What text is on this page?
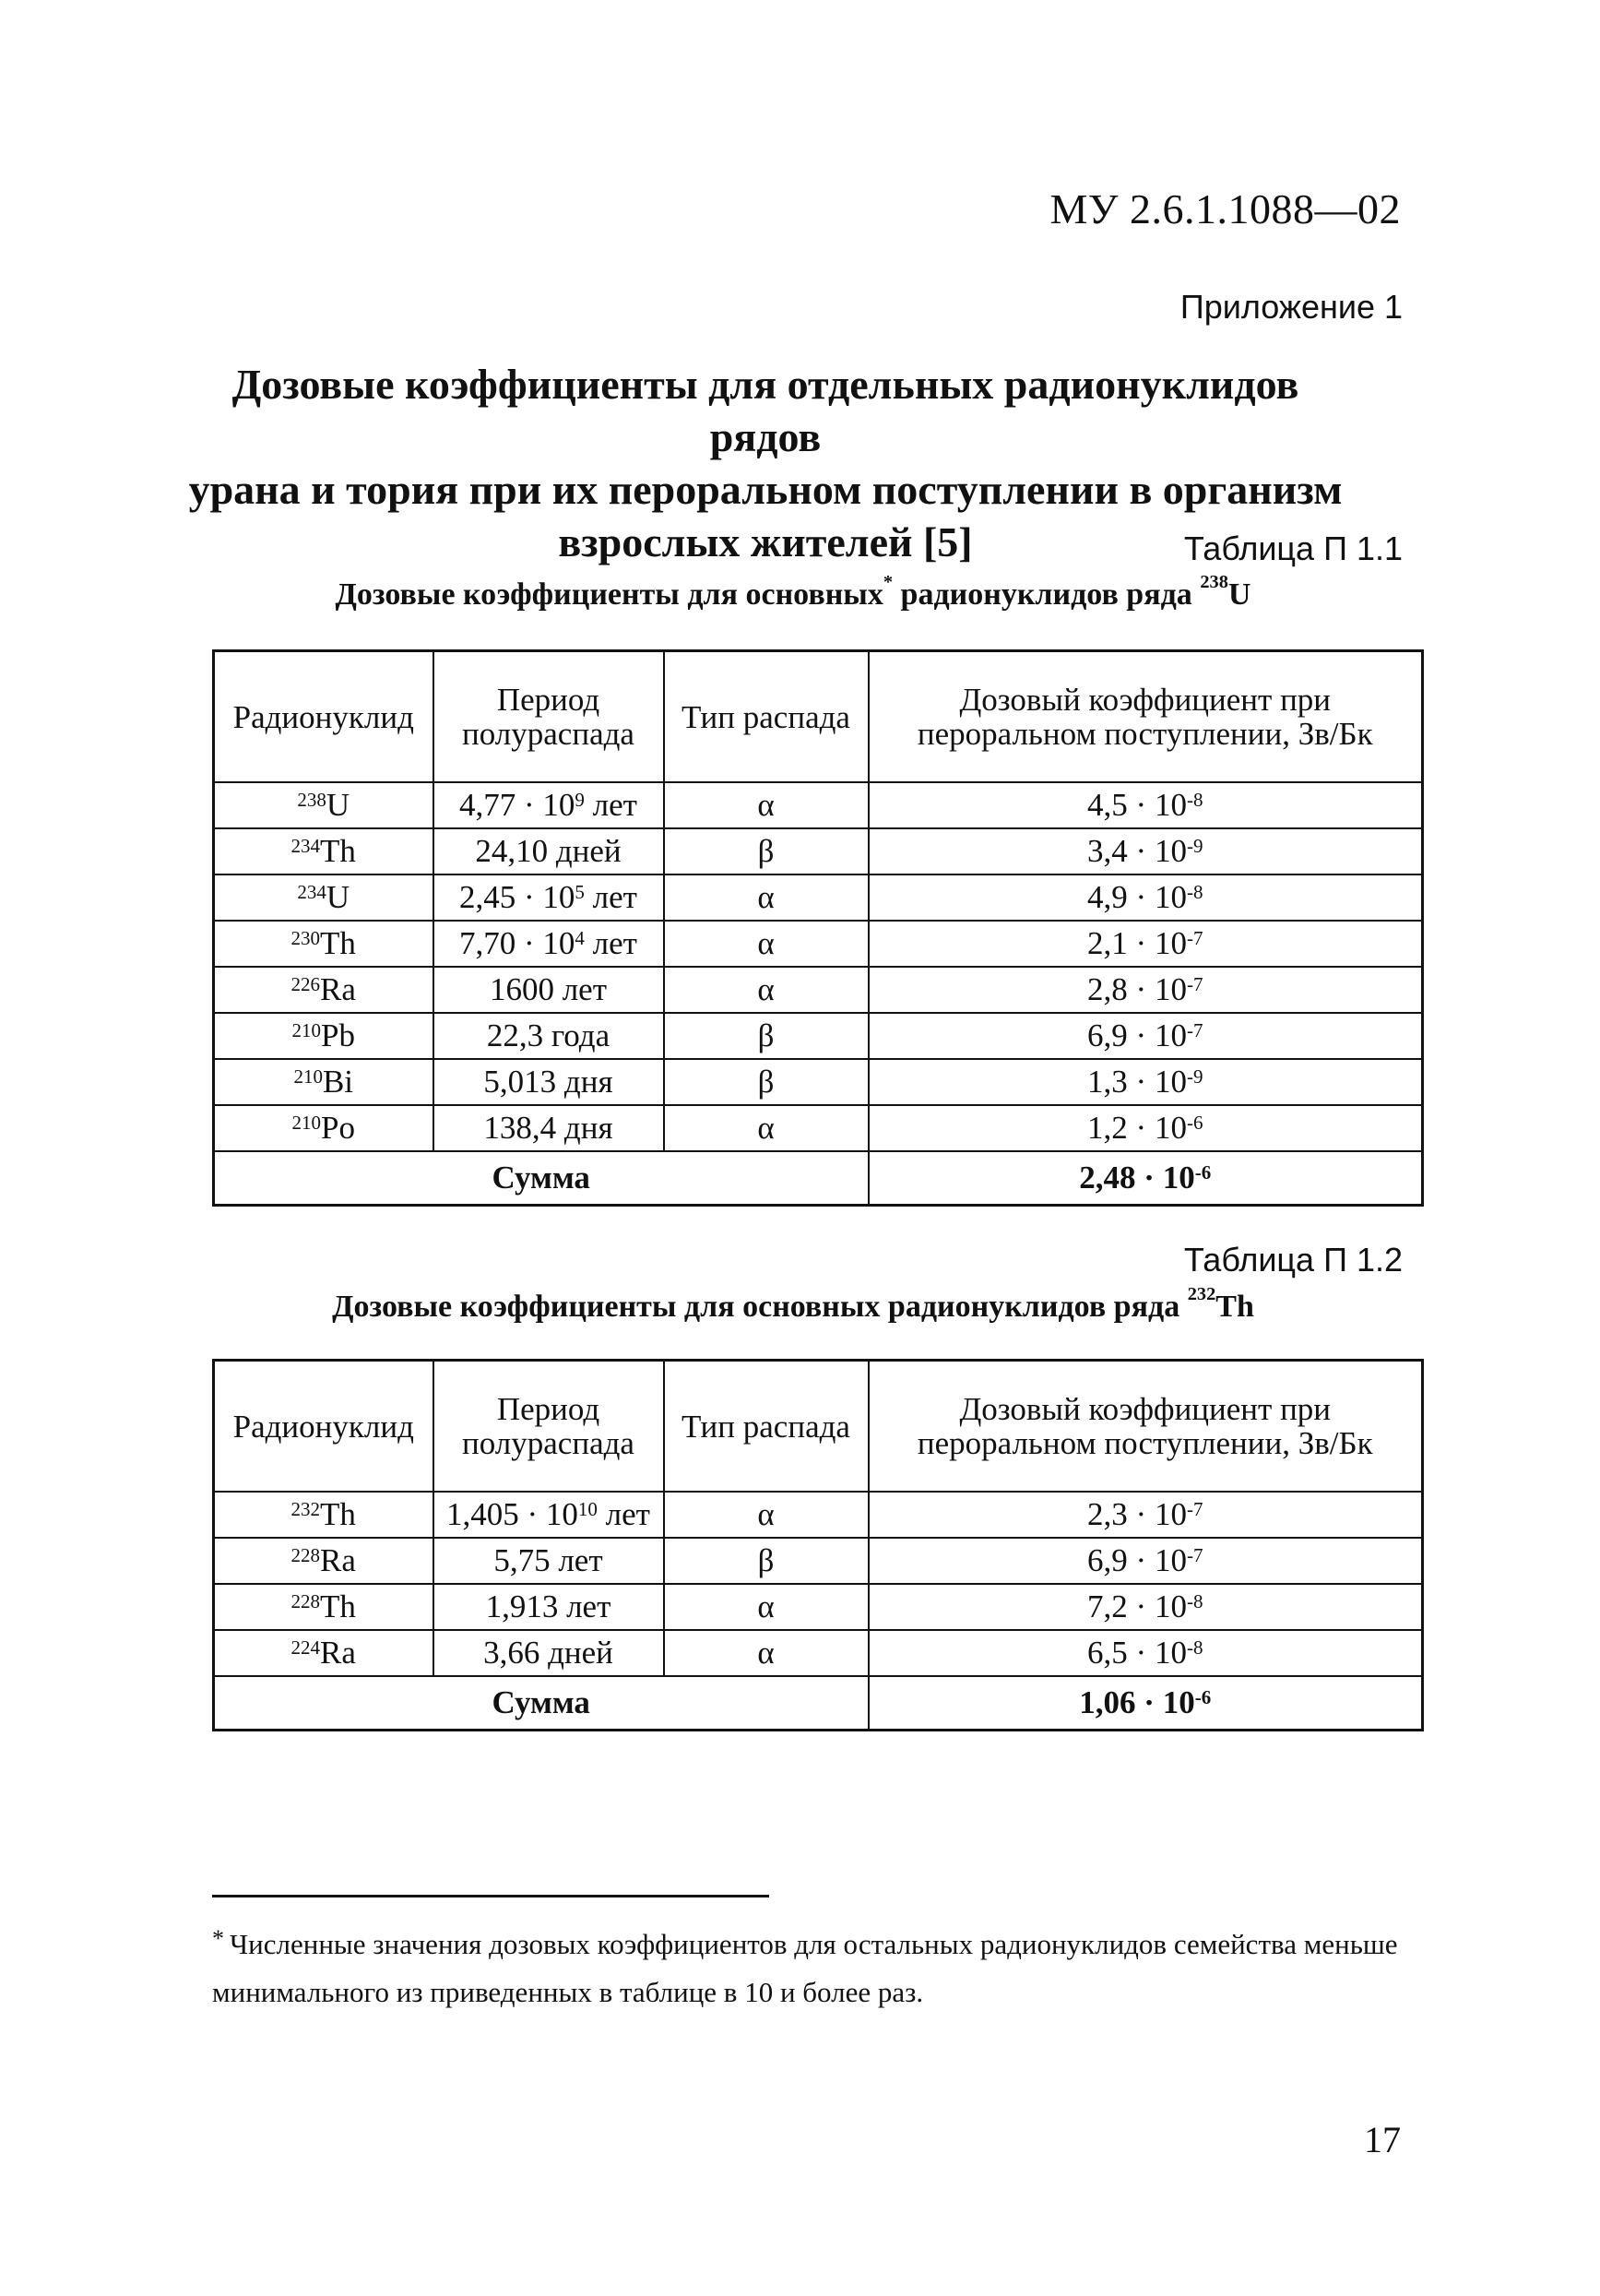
МУ 2.6.1.1088—02
Приложение 1
Дозовые коэффициенты для отдельных радионуклидов рядов
урана и тория при их пероральном поступлении в организм
взрослых жителей [5]	Таблица П 1.1
Дозовые коэффициенты для основных* радионуклидов ряда $^{238}$U
Радионуклид	Период полураспада	Тип распада	Дозовый коэффициент при пероральном поступлении, Зв/Бк
$^{238}$U	$4,77 \cdot 10^9$ лет	α	$4,5 \cdot 10^{-8}$
$^{234}$Th	24,10 дней	β	$3,4 \cdot 10^{-9}$
$^{234}$U	$2,45 \cdot 10^5$ лет	α	$4,9 \cdot 10^{-8}$
$^{230}$Th	$7,70 \cdot 10^4$ лет	α	$2,1 \cdot 10^{-7}$
$^{226}$Ra	1600 лет	α	$2,8 \cdot 10^{-7}$
$^{210}$Pb	22,3 года	β	$6,9 \cdot 10^{-7}$
$^{210}$Bi	5,013 дня	β	$1,3 \cdot 10^{-9}$
$^{210}$Po	138,4 дня	α	$1,2 \cdot 10^{-6}$
Сумма			$2,48 \cdot 10^{-6}$
Таблица П 1.2
Дозовые коэффициенты для основных радионуклидов ряда $^{232}$Th
Радионуклид	Период полураспада	Тип распада	Дозовый коэффициент при пероральном поступлении, Зв/Бк
$^{232}$Th	$1,405 \cdot 10^{10}$ лет	α	$2,3 \cdot 10^{-7}$
$^{228}$Ra	5,75 лет	β	$6,9 \cdot 10^{-7}$
$^{228}$Th	1,913 лет	α	$7,2 \cdot 10^{-8}$
$^{224}$Ra	3,66 дней	α	$6,5 \cdot 10^{-8}$
Сумма			$1,06 \cdot 10^{-6}$
* Численные значения дозовых коэффициентов для остальных радионуклидов семейства меньше минимального из приведенных в таблице в 10 и более раз.
17
